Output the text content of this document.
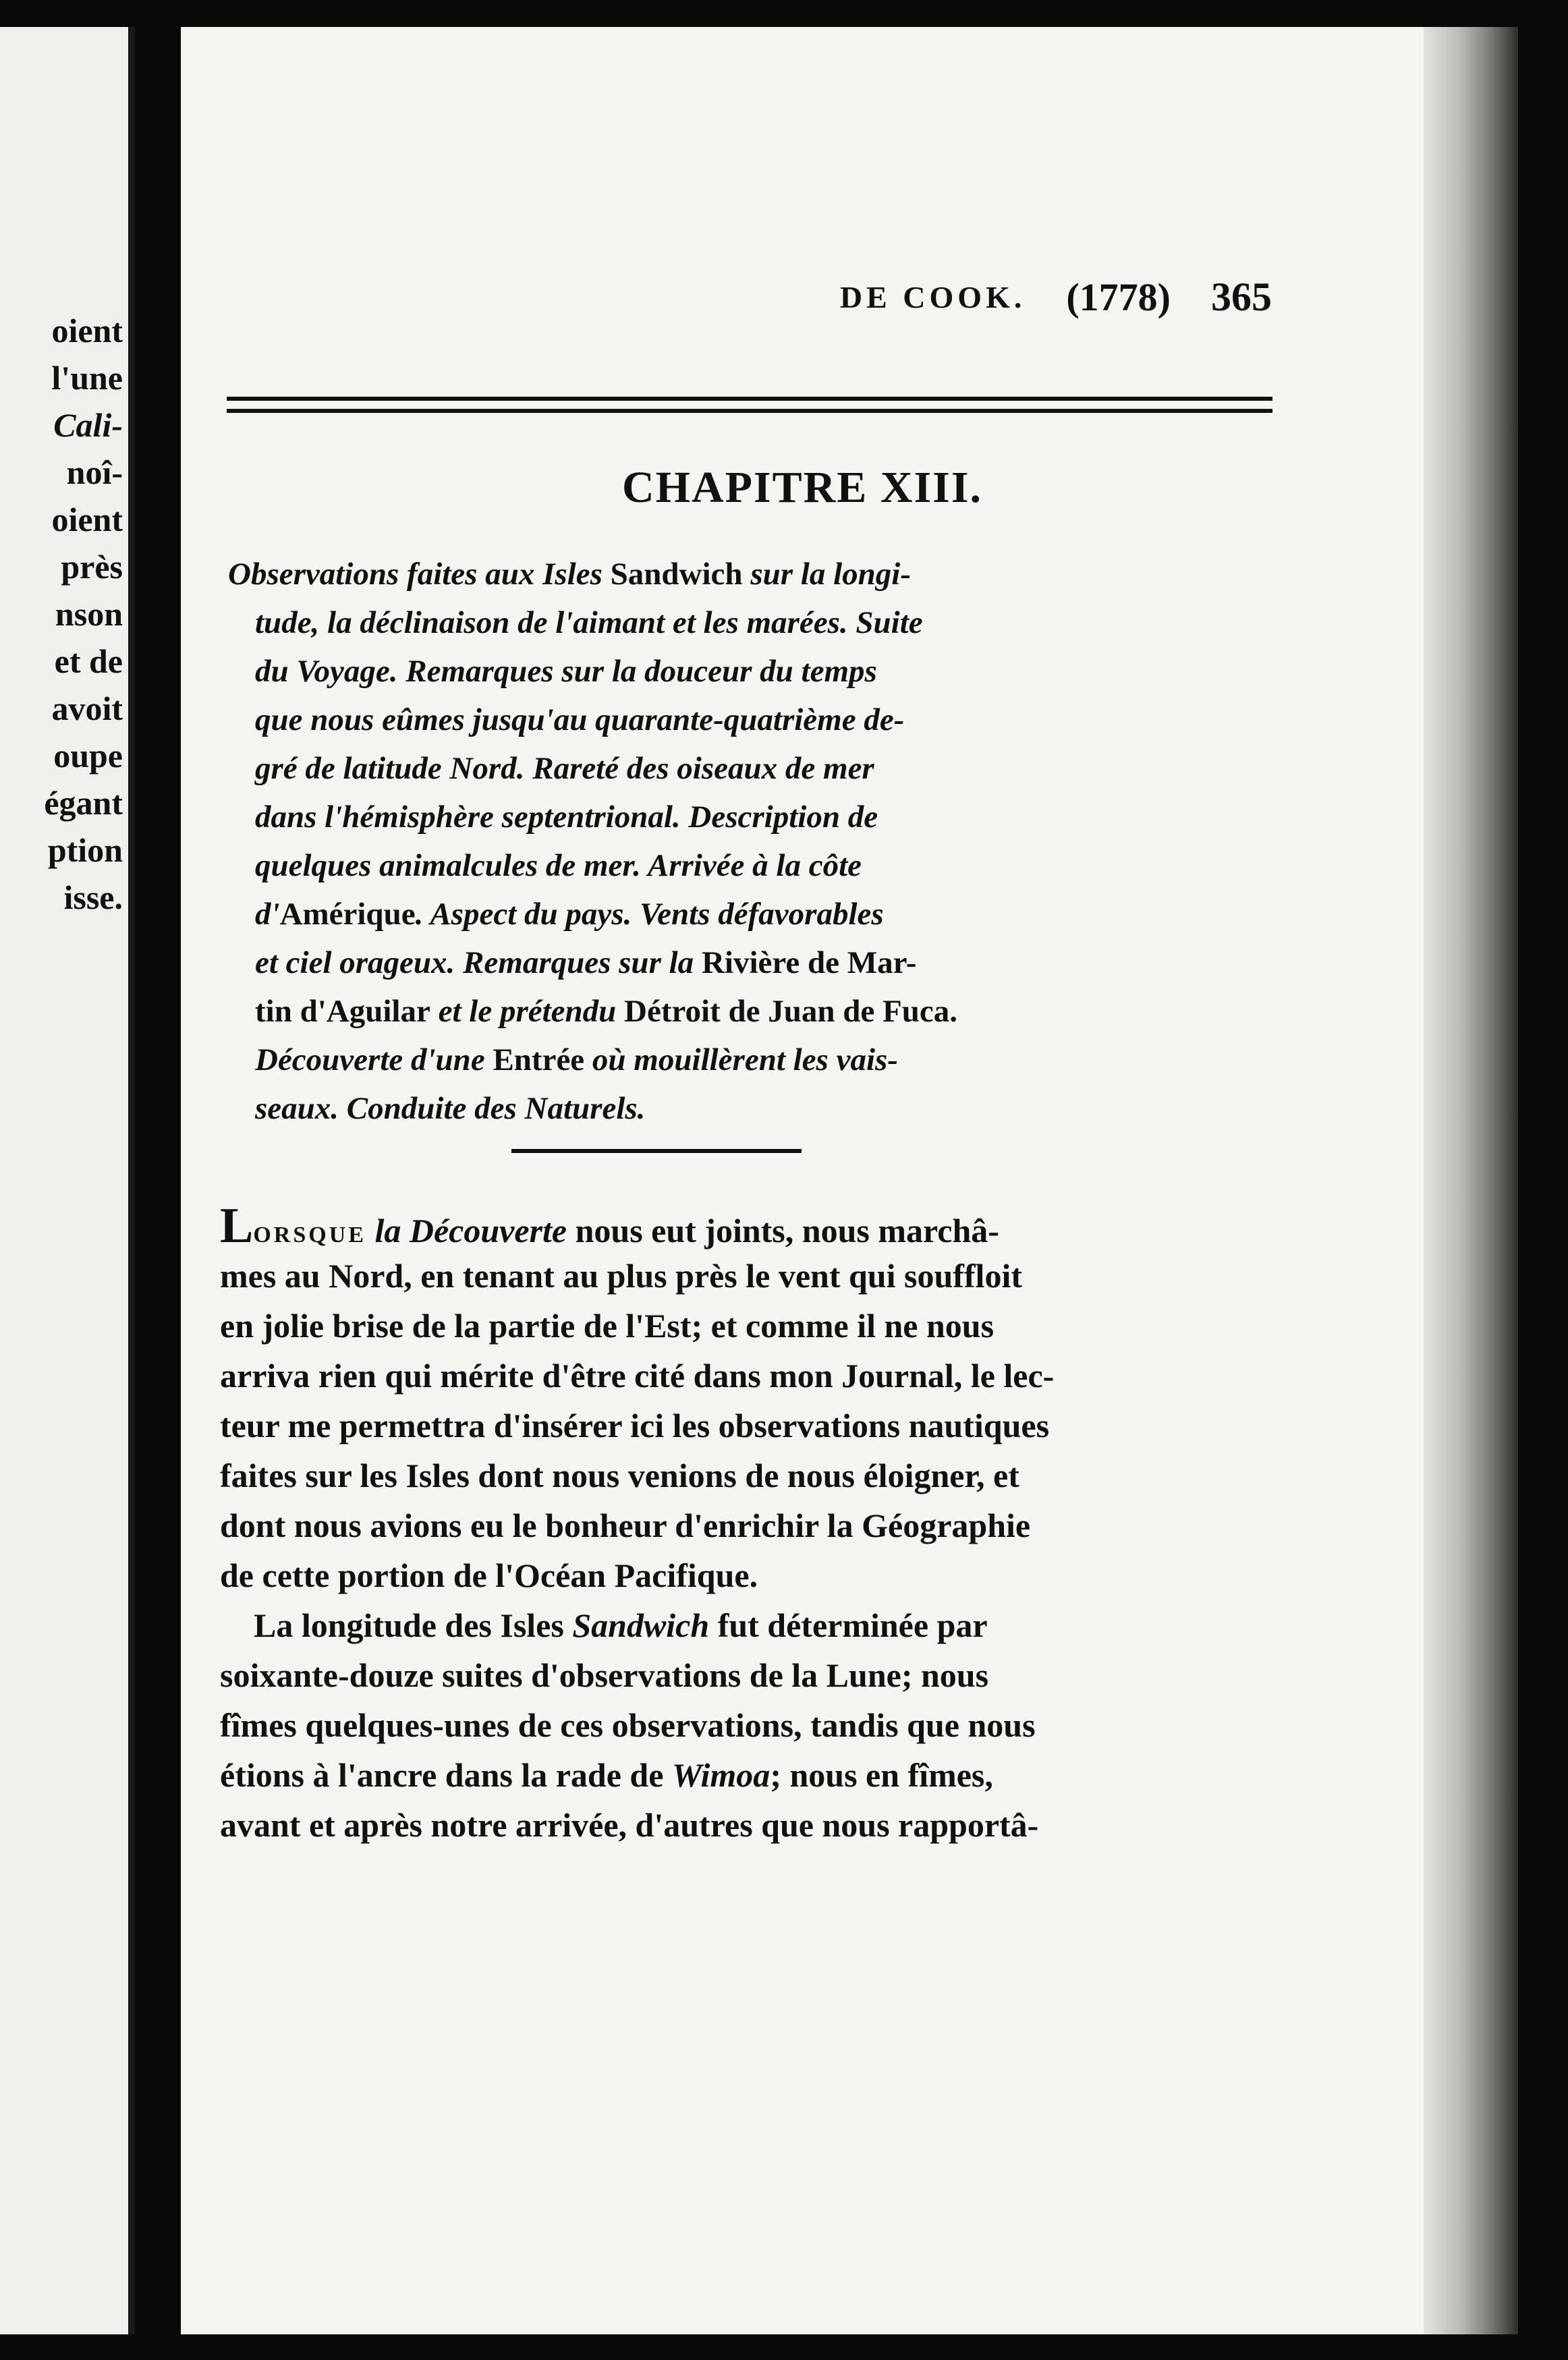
oient
l'une
Cali-
noî-
oient
près
nson
et de
avoit
oupe
égant
ption
isse.
DE COOK. (1778) 365
CHAPITRE XIII.
Observations faites aux Isles Sandwich sur la longi-
tude, la déclinaison de l'aimant et les marées. Suite
du Voyage. Remarques sur la douceur du temps
que nous eûmes jusqu'au quarante-quatrième de-
gré de latitude Nord. Rareté des oiseaux de mer
dans l'hémisphère septentrional. Description de
quelques animalcules de mer. Arrivée à la côte
d'Amérique. Aspect du pays. Vents défavorables
et ciel orageux. Remarques sur la Rivière de Mar-
tin d'Aguilar et le prétendu Détroit de Juan de Fuca.
Découverte d'une Entrée où mouillèrent les vais-
seaux. Conduite des Naturels.
LORSQUE la Découverte nous eut joints, nous marchâ-
mes au Nord, en tenant au plus près le vent qui souffloit
en jolie brise de la partie de l'Est; et comme il ne nous
arriva rien qui mérite d'être cité dans mon Journal, le lec-
teur me permettra d'insérer ici les observations nautiques
faites sur les Isles dont nous venions de nous éloigner, et
dont nous avions eu le bonheur d'enrichir la Géographie
de cette portion de l'Océan Pacifique.
La longitude des Isles Sandwich fut déterminée par
soixante-douze suites d'observations de la Lune; nous
fîmes quelques-unes de ces observations, tandis que nous
étions à l'ancre dans la rade de Wimoa; nous en fîmes,
avant et après notre arrivée, d'autres que nous rapportâ-
